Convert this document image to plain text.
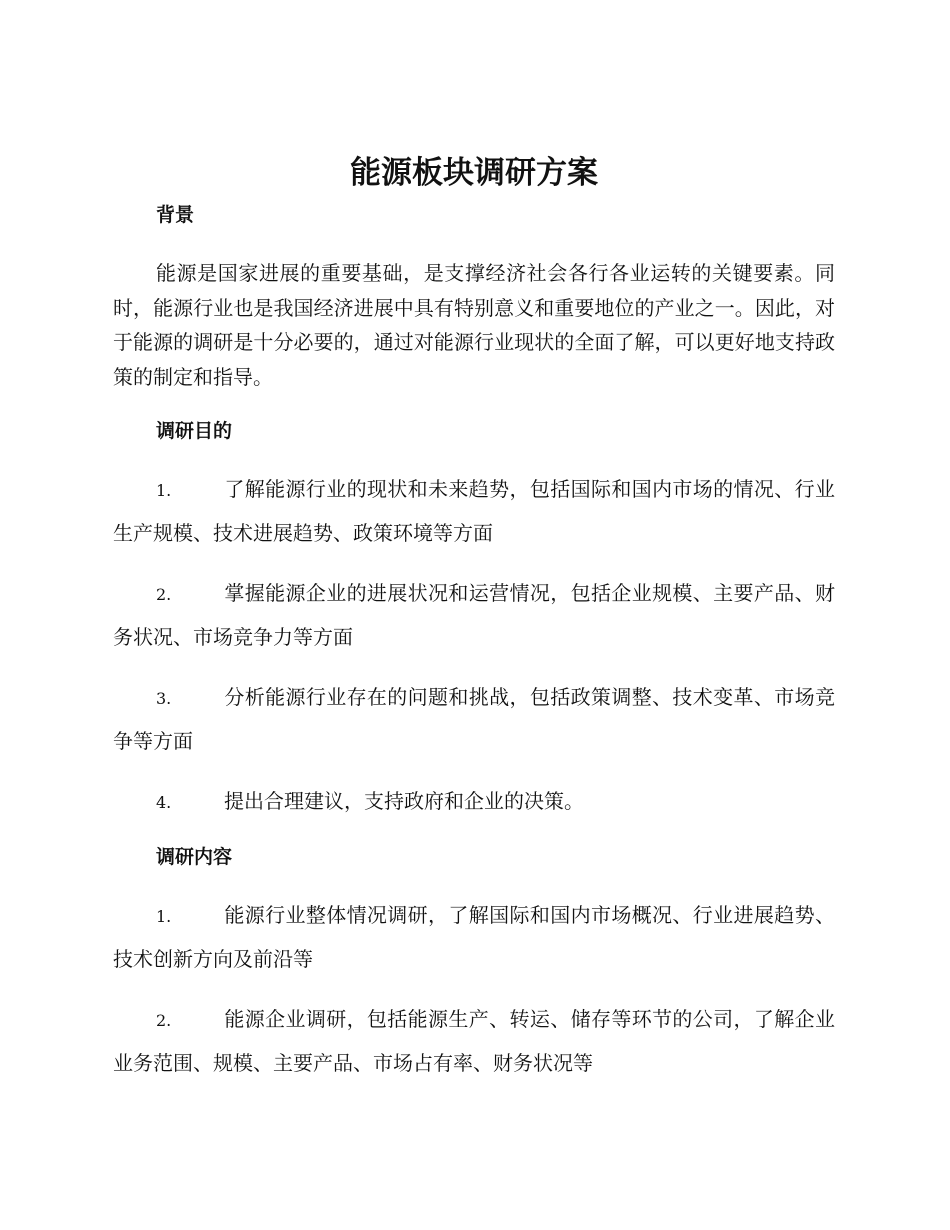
能源板块调研方案
背景

能源是国家进展的重要基础，是支撑经济社会各行各业运转的关键要素。同时，能源行业也是我国经济进展中具有特别意义和重要地位的产业之一。因此，对于能源的调研是十分必要的，通过对能源行业现状的全面了解，可以更好地支持政策的制定和指导。

调研目的

1.	了解能源行业的现状和未来趋势，包括国际和国内市场的情况、行业生产规模、技术进展趋势、政策环境等方面

2.	掌握能源企业的进展状况和运营情况，包括企业规模、主要产品、财务状况、市场竞争力等方面

3.	分析能源行业存在的问题和挑战，包括政策调整、技术变革、市场竞争等方面

4.	提出合理建议，支持政府和企业的决策。

调研内容

1.	能源行业整体情况调研，了解国际和国内市场概况、行业进展趋势、技术创新方向及前沿等

2.	能源企业调研，包括能源生产、转运、储存等环节的公司，了解企业业务范围、规模、主要产品、市场占有率、财务状况等
